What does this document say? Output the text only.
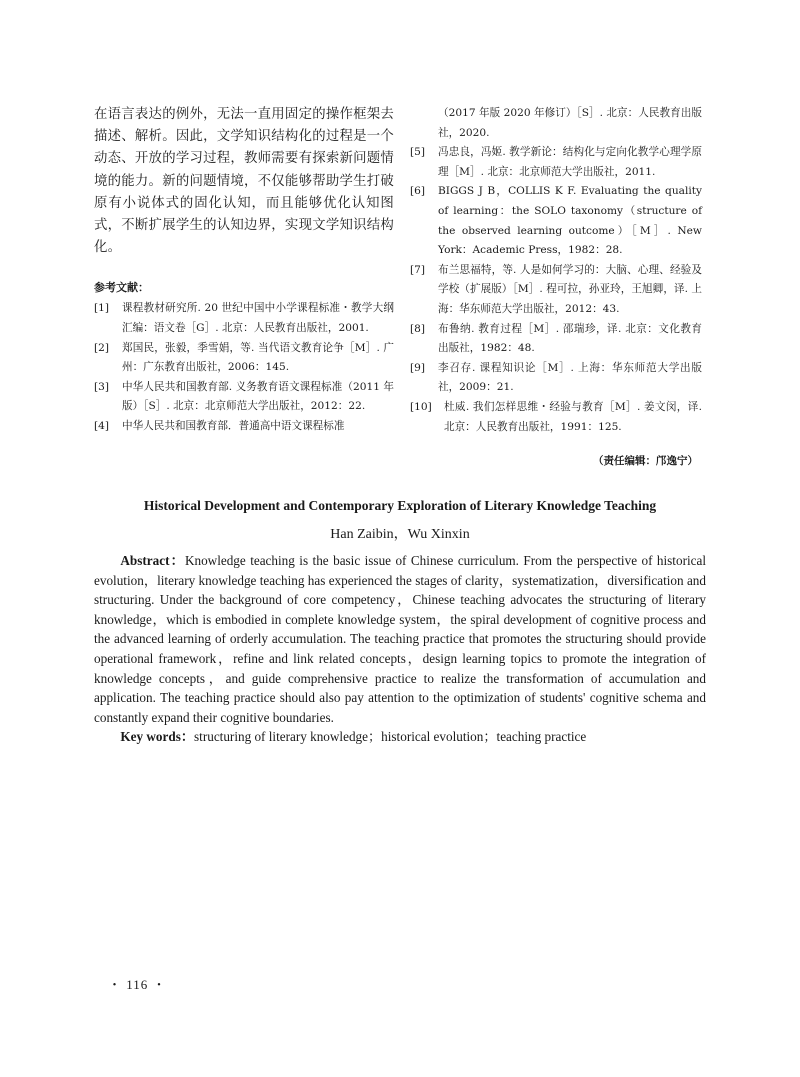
在语言表达的例外，无法一直用固定的操作框架去描述、解析。因此，文学知识结构化的过程是一个动态、开放的学习过程，教师需要有探索新问题情境的能力。新的问题情境，不仅能够帮助学生打破原有小说体式的固化认知，而且能够优化认知图式，不断扩展学生的认知边界，实现文学知识结构化。

参考文献：
[1] 课程教材研究所. 20 世纪中国中小学课程标准・教学大纲汇编：语文卷［G］. 北京：人民教育出版社，2001.
[2] 郑国民，张毅，季雪娟，等. 当代语文教育论争［M］. 广州：广东教育出版社，2006：145.
[3] 中华人民共和国教育部. 义务教育语文课程标准（2011 年版）［S］. 北京：北京师范大学出版社，2012：22.
[4] 中华人民共和国教育部．普通高中语文课程标准
（2017 年版 2020 年修订）［S］. 北京：人民教育出版社，2020.
[5] 冯忠良，冯姬. 教学新论：结构化与定向化教学心理学原理［M］. 北京：北京师范大学出版社，2011.
[6] BIGGS J B，COLLIS K F. Evaluating the quality of learning：the SOLO taxonomy（structure of the observed learning outcome）［M］. New York：Academic Press，1982：28.
[7] 布兰思福特，等. 人是如何学习的：大脑、心理、经验及学校（扩展版）［M］. 程可拉，孙亚玲，王旭卿，译. 上海：华东师范大学出版社，2012：43.
[8] 布鲁纳. 教育过程［M］. 邵瑞珍，译. 北京：文化教育出版社，1982：48.
[9] 李召存. 课程知识论［M］. 上海：华东师范大学出版社，2009：21.
[10] 杜威. 我们怎样思维・经验与教育［M］. 姜文闵，译. 北京：人民教育出版社，1991：125.
（责任编辑：邝逸宁）

Historical Development and Contemporary Exploration of Literary Knowledge Teaching

Han Zaibin，Wu Xinxin

Abstract：Knowledge teaching is the basic issue of Chinese curriculum. From the perspective of historical evolution，literary knowledge teaching has experienced the stages of clarity，systematization，diversification and structuring. Under the background of core competency，Chinese teaching advocates the structuring of literary knowledge，which is embodied in complete knowledge system，the spiral development of cognitive process and the advanced learning of orderly accumulation. The teaching practice that promotes the structuring should provide operational framework，refine and link related concepts，design learning topics to promote the integration of knowledge concepts，and guide comprehensive practice to realize the transformation of accumulation and application. The teaching practice should also pay attention to the optimization of students' cognitive schema and constantly expand their cognitive boundaries.

Key words：structuring of literary knowledge；historical evolution；teaching practice

・ 116 ・
